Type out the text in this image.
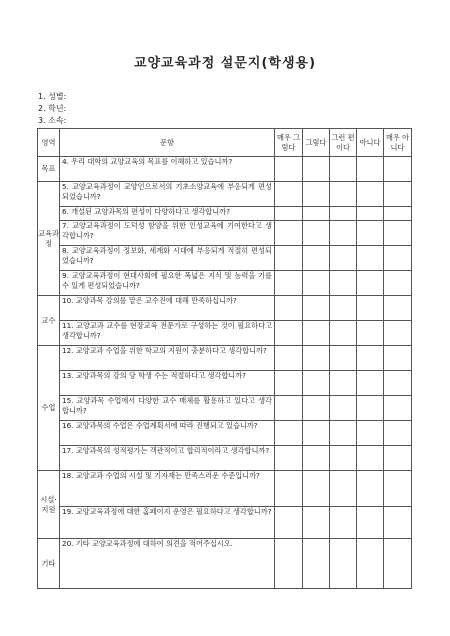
교양교육과정 설문지(학생용)
1. 성별:
2. 학년:
3. 소속:
영역	문항	매우 그렇다	그렇다	그런 편이다	아니다	매우 아니다
목표	4. 우리 대학의 교양교육의 목표를 이해하고 있습니까?					
교육과정	5. 교양교육과정이 교양인으로서의 기초소양교육에 부응되게 편성되었습니까?					
	6. 개설된 교양과목의 편성이 다양하다고 생각합니까?					
	7. 교양교육과정이 도덕성 함양을 위한 인성교육에 기여한다고 생각합니까?					
	8. 교양교육과정이 정보화, 세계화 시대에 부응되게 적절히 편성되었습니까?					
	9. 교양교육과정이 현대사회에 필요한 폭넓은 지식 및 능력을 기를 수 있게 편성되었습니까?					
교수	10. 교양과목 강의를 맡은 교수진에 대해 만족하십니까?					
	11. 교양교과 교수를 현장교육 전문가로 구성하는 것이 필요하다고 생각합니까?					
수업	12. 교양교과 수업을 위한 학교의 지원이 충분하다고 생각합니까?					
	13. 교양과목의 강의 당 학생 수는 적절하다고 생각합니까?					
	15. 교양과목 수업에서 다양한 교수 매체를 활용하고 있다고 생각합니까?					
	16. 교양과목의 수업은 수업계획서에 따라 진행되고 있습니까?					
	17. 교양과목의 성적평가는 객관적이고 합리적이라고 생각합니까?					
시설·지원	18. 교양교과 수업의 시설 및 기자재는 만족스러운 수준입니까?					
	19. 교양교육과정에 대한 홈페이지 운영은 필요하다고 생각합니까?					
기타	20. 기타 교양교육과정에 대하여 의견을 적어주십시오.					
